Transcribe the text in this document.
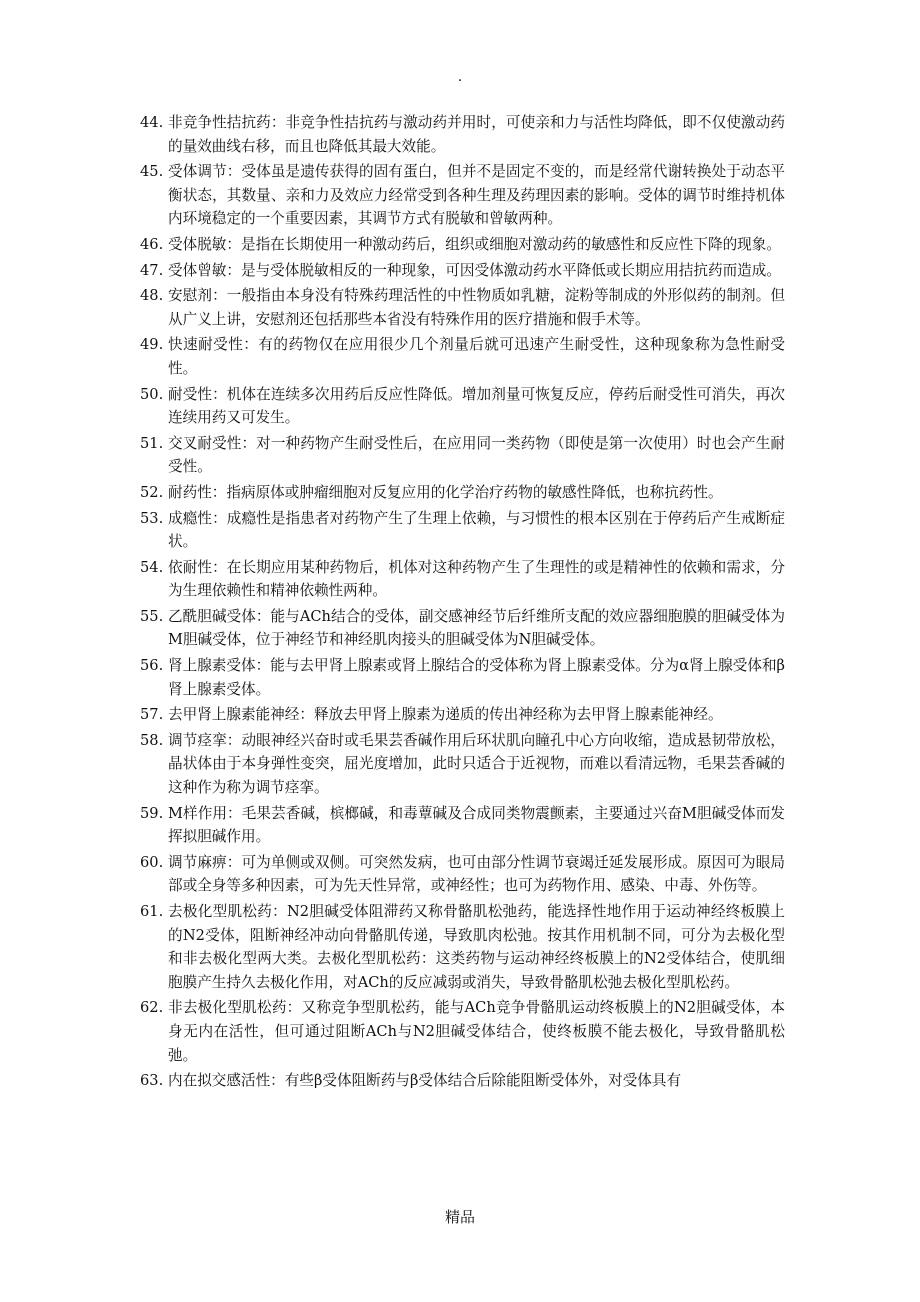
.
44. 非竞争性拮抗药：非竞争性拮抗药与激动药并用时，可使亲和力与活性均降低，即不仅使激动药的量效曲线右移，而且也降低其最大效能。
45. 受体调节：受体虽是遗传获得的固有蛋白，但并不是固定不变的，而是经常代谢转换处于动态平衡状态，其数量、亲和力及效应力经常受到各种生理及药理因素的影响。受体的调节时维持机体内环境稳定的一个重要因素，其调节方式有脱敏和曾敏两种。
46. 受体脱敏：是指在长期使用一种激动药后，组织或细胞对激动药的敏感性和反应性下降的现象。
47. 受体曾敏：是与受体脱敏相反的一种现象，可因受体激动药水平降低或长期应用拮抗药而造成。
48. 安慰剂：一般指由本身没有特殊药理活性的中性物质如乳糖，淀粉等制成的外形似药的制剂。但从广义上讲，安慰剂还包括那些本省没有特殊作用的医疗措施和假手术等。
49. 快速耐受性：有的药物仅在应用很少几个剂量后就可迅速产生耐受性，这种现象称为急性耐受性。
50. 耐受性：机体在连续多次用药后反应性降低。增加剂量可恢复反应，停药后耐受性可消失，再次连续用药又可发生。
51. 交叉耐受性：对一种药物产生耐受性后，在应用同一类药物（即使是第一次使用）时也会产生耐受性。
52. 耐药性：指病原体或肿瘤细胞对反复应用的化学治疗药物的敏感性降低，也称抗药性。
53. 成瘾性：成瘾性是指患者对药物产生了生理上依赖，与习惯性的根本区别在于停药后产生戒断症状。
54. 依耐性：在长期应用某种药物后，机体对这种药物产生了生理性的或是精神性的依赖和需求，分为生理依赖性和精神依赖性两种。
55. 乙酰胆碱受体：能与ACh结合的受体，副交感神经节后纤维所支配的效应器细胞膜的胆碱受体为M胆碱受体，位于神经节和神经肌肉接头的胆碱受体为N胆碱受体。
56. 肾上腺素受体：能与去甲肾上腺素或肾上腺结合的受体称为肾上腺素受体。分为α肾上腺受体和β肾上腺素受体。
57. 去甲肾上腺素能神经：释放去甲肾上腺素为递质的传出神经称为去甲肾上腺素能神经。
58. 调节痉挛：动眼神经兴奋时或毛果芸香碱作用后环状肌向瞳孔中心方向收缩，造成悬韧带放松，晶状体由于本身弹性变突，屈光度增加，此时只适合于近视物，而难以看清远物，毛果芸香碱的这种作为称为调节痉挛。
59. M样作用：毛果芸香碱，槟榔碱，和毒蕈碱及合成同类物震颤素，主要通过兴奋M胆碱受体而发挥拟胆碱作用。
60. 调节麻痹：可为单侧或双侧。可突然发病，也可由部分性调节衰竭迁延发展形成。原因可为眼局部或全身等多种因素，可为先天性异常，或神经性；也可为药物作用、感染、中毒、外伤等。
61. 去极化型肌松药：N2胆碱受体阻滞药又称骨骼肌松弛药，能选择性地作用于运动神经终板膜上的N2受体，阻断神经冲动向骨骼肌传递，导致肌肉松弛。按其作用机制不同，可分为去极化型和非去极化型两大类。去极化型肌松药：这类药物与运动神经终板膜上的N2受体结合，使肌细胞膜产生持久去极化作用，对ACh的反应减弱或消失，导致骨骼肌松弛去极化型肌松药。
62. 非去极化型肌松药：又称竞争型肌松药，能与ACh竞争骨骼肌运动终板膜上的N2胆碱受体，本身无内在活性，但可通过阻断ACh与N2胆碱受体结合，使终板膜不能去极化，导致骨骼肌松弛。
63. 内在拟交感活性：有些β受体阻断药与β受体结合后除能阻断受体外，对受体具有
精品
